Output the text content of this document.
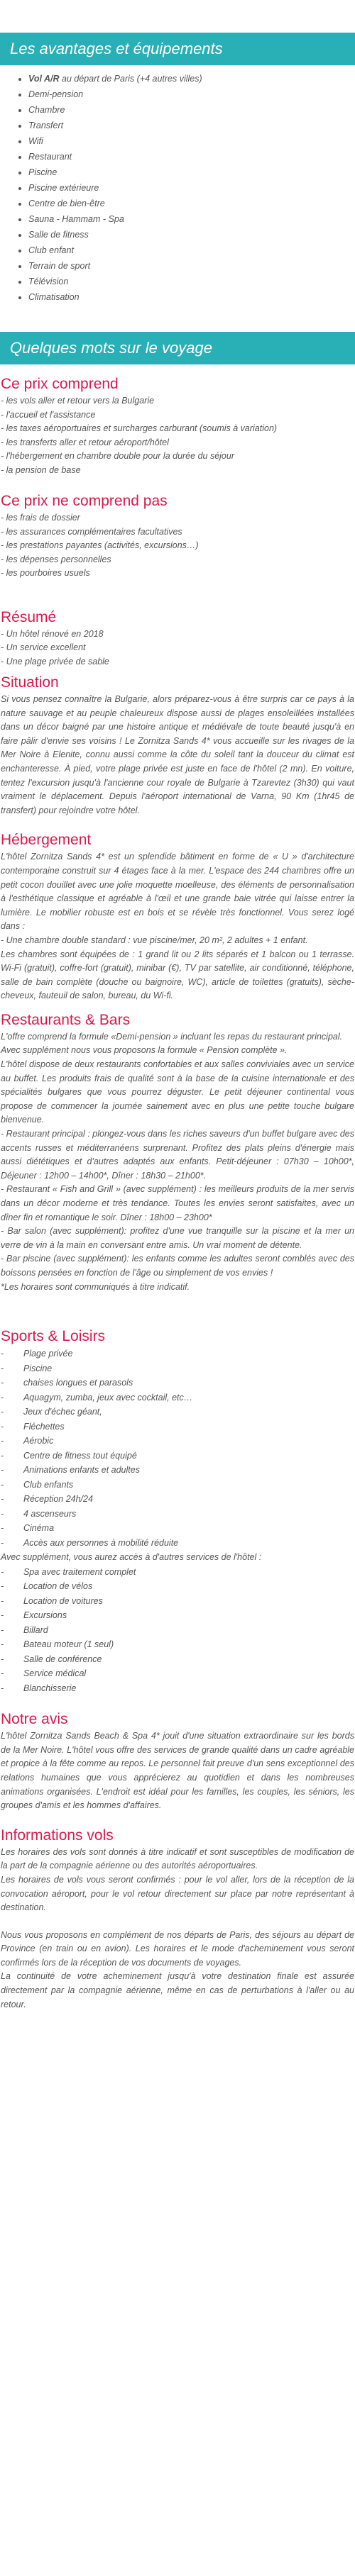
Les avantages et équipements
• Vol A/R au départ de Paris (+4 autres villes)
• Demi-pension
• Chambre
• Transfert
• Wifi
• Restaurant
• Piscine
• Piscine extérieure
• Centre de bien-être
• Sauna - Hammam - Spa
• Salle de fitness
• Club enfant
• Terrain de sport
• Télévision
• Climatisation
Quelques mots sur le voyage
Ce prix comprend

- les vols aller et retour vers la Bulgarie

- l'accueil et l'assistance

- les taxes aéroportuaires et surcharges carburant (soumis à variation)

- les transferts aller et retour aéroport/hôtel

- l'hébergement en chambre double pour la durée du séjour

- la pension de base

Ce prix ne comprend pas

- les frais de dossier

- les assurances complémentaires facultatives

- les prestations payantes (activités, excursions…)

- les dépenses personnelles

- les pourboires usuels

Résumé

- Un hôtel rénové en 2018

- Un service excellent

- Une plage privée de sable

Situation

Si vous pensez connaître la Bulgarie, alors préparez-vous à être surpris car ce pays à la nature sauvage et au peuple chaleureux dispose aussi de plages ensoleillées installées dans un décor baigné par une histoire antique et médiévale de toute beauté jusqu'à en faire pâlir d'envie ses voisins ! Le Zornitza Sands 4* vous accueille sur les rivages de la Mer Noire à Elenite, connu aussi comme la côte du soleil tant la douceur du climat est enchanteresse. À pied, votre plage privée est juste en face de l'hôtel (2 mn). En voiture, tentez l'excursion jusqu'à l'ancienne cour royale de Bulgarie à Tzarevtez (3h30) qui vaut vraiment le déplacement. Depuis l'aéroport international de Varna, 90 Km (1hr45 de transfert) pour rejoindre votre hôtel.

Hébergement

L'hôtel Zornitza Sands 4* est un splendide bâtiment en forme de « U » d'architecture contemporaine construit sur 4 étages face à la mer. L'espace des 244 chambres offre un petit cocon douillet avec une jolie moquette moelleuse, des éléments de personnalisation à l'esthétique classique et agréable à l'œil et une grande baie vitrée qui laisse entrer la lumière. Le mobilier robuste est en bois et se révèle très fonctionnel. Vous serez logé dans :

- Une chambre double standard : vue piscine/mer, 20 m², 2 adultes + 1 enfant.

Les chambres sont équipées de : 1 grand lit ou 2 lits séparés et 1 balcon ou 1 terrasse. Wi-Fi (gratuit), coffre-fort (gratuit), minibar (€), TV par satellite, air conditionné, téléphone, salle de bain complète (douche ou baignoire, WC), article de toilettes (gratuits), sèche-cheveux, fauteuil de salon, bureau, du Wi-fi.

Restaurants & Bars

L'offre comprend la formule «Demi-pension » incluant les repas du restaurant principal.

Avec supplément nous vous proposons la formule « Pension complète ».

L'hôtel dispose de deux restaurants confortables et aux salles conviviales avec un service au buffet. Les produits frais de qualité sont à la base de la cuisine internationale et des spécialités bulgares que vous pourrez déguster. Le petit déjeuner continental vous propose de commencer la journée sainement avec en plus une petite touche bulgare bienvenue.

- Restaurant principal : plongez-vous dans les riches saveurs d'un buffet bulgare avec des accents russes et méditerranéens surprenant. Profitez des plats pleins d'énergie mais aussi diététiques et d'autres adaptés aux enfants. Petit-déjeuner : 07h30 – 10h00*, Déjeuner : 12h00 – 14h00*, Dîner : 18h30 – 21h00*.

- Restaurant « Fish and Grill » (avec supplément) : les meilleurs produits de la mer servis dans un décor moderne et très tendance. Toutes les envies seront satisfaites, avec un dîner fin et romantique le soir. Dîner : 18h00 – 23h00*

- Bar salon (avec supplément): profitez d'une vue tranquille sur la piscine et la mer un verre de vin à la main en conversant entre amis. Un vrai moment de détente.

- Bar piscine (avec supplément): les enfants comme les adultes seront comblés avec des boissons pensées en fonction de l'âge ou simplement de vos envies !

*Les horaires sont communiqués à titre indicatif.

Sports & Loisirs

-        Plage privée

-        Piscine

-        chaises longues et parasols

-        Aquagym, zumba, jeux avec cocktail, etc…

-        Jeux d'échec géant,

-        Fléchettes

-        Aérobic

-        Centre de fitness tout équipé

-        Animations enfants et adultes

-        Club enfants

-        Réception 24h/24

-        4 ascenseurs

-        Cinéma

-        Accès aux personnes à mobilité réduite

Avec supplément, vous aurez accès à d'autres services de l'hôtel :

-        Spa avec traitement complet

-        Location de vélos

-        Location de voitures

-        Excursions

-        Billard

-        Bateau moteur (1 seul)

-        Salle de conférence

-        Service médical

-        Blanchisserie

Notre avis

L'hôtel Zornitza Sands Beach & Spa 4* jouit d'une situation extraordinaire sur les bords de la Mer Noire. L'hôtel vous offre des services de grande qualité dans un cadre agréable et propice à la fête comme au repos. Le personnel fait preuve d'un sens exceptionnel des relations humaines que vous apprécierez au quotidien et dans les nombreuses animations organisées. L'endroit est idéal pour les familles, les couples, les séniors, les groupes d'amis et les hommes d'affaires.

Informations vols

Les horaires des vols sont donnés à titre indicatif et sont susceptibles de modification de la part de la compagnie aérienne ou des autorités aéroportuaires.

Les horaires de vols vous seront confirmés : pour le vol aller, lors de la réception de la convocation aéroport, pour le vol retour directement sur place par notre représentant à destination.

Nous vous proposons en complément de nos départs de Paris, des séjours au départ de Province (en train ou en avion). Les horaires et le mode d'acheminement vous seront confirmés lors de la réception de vos documents de voyages.

La continuité de votre acheminement jusqu'à votre destination finale est assurée directement par la compagnie aérienne, même en cas de perturbations à l'aller ou au retour.
